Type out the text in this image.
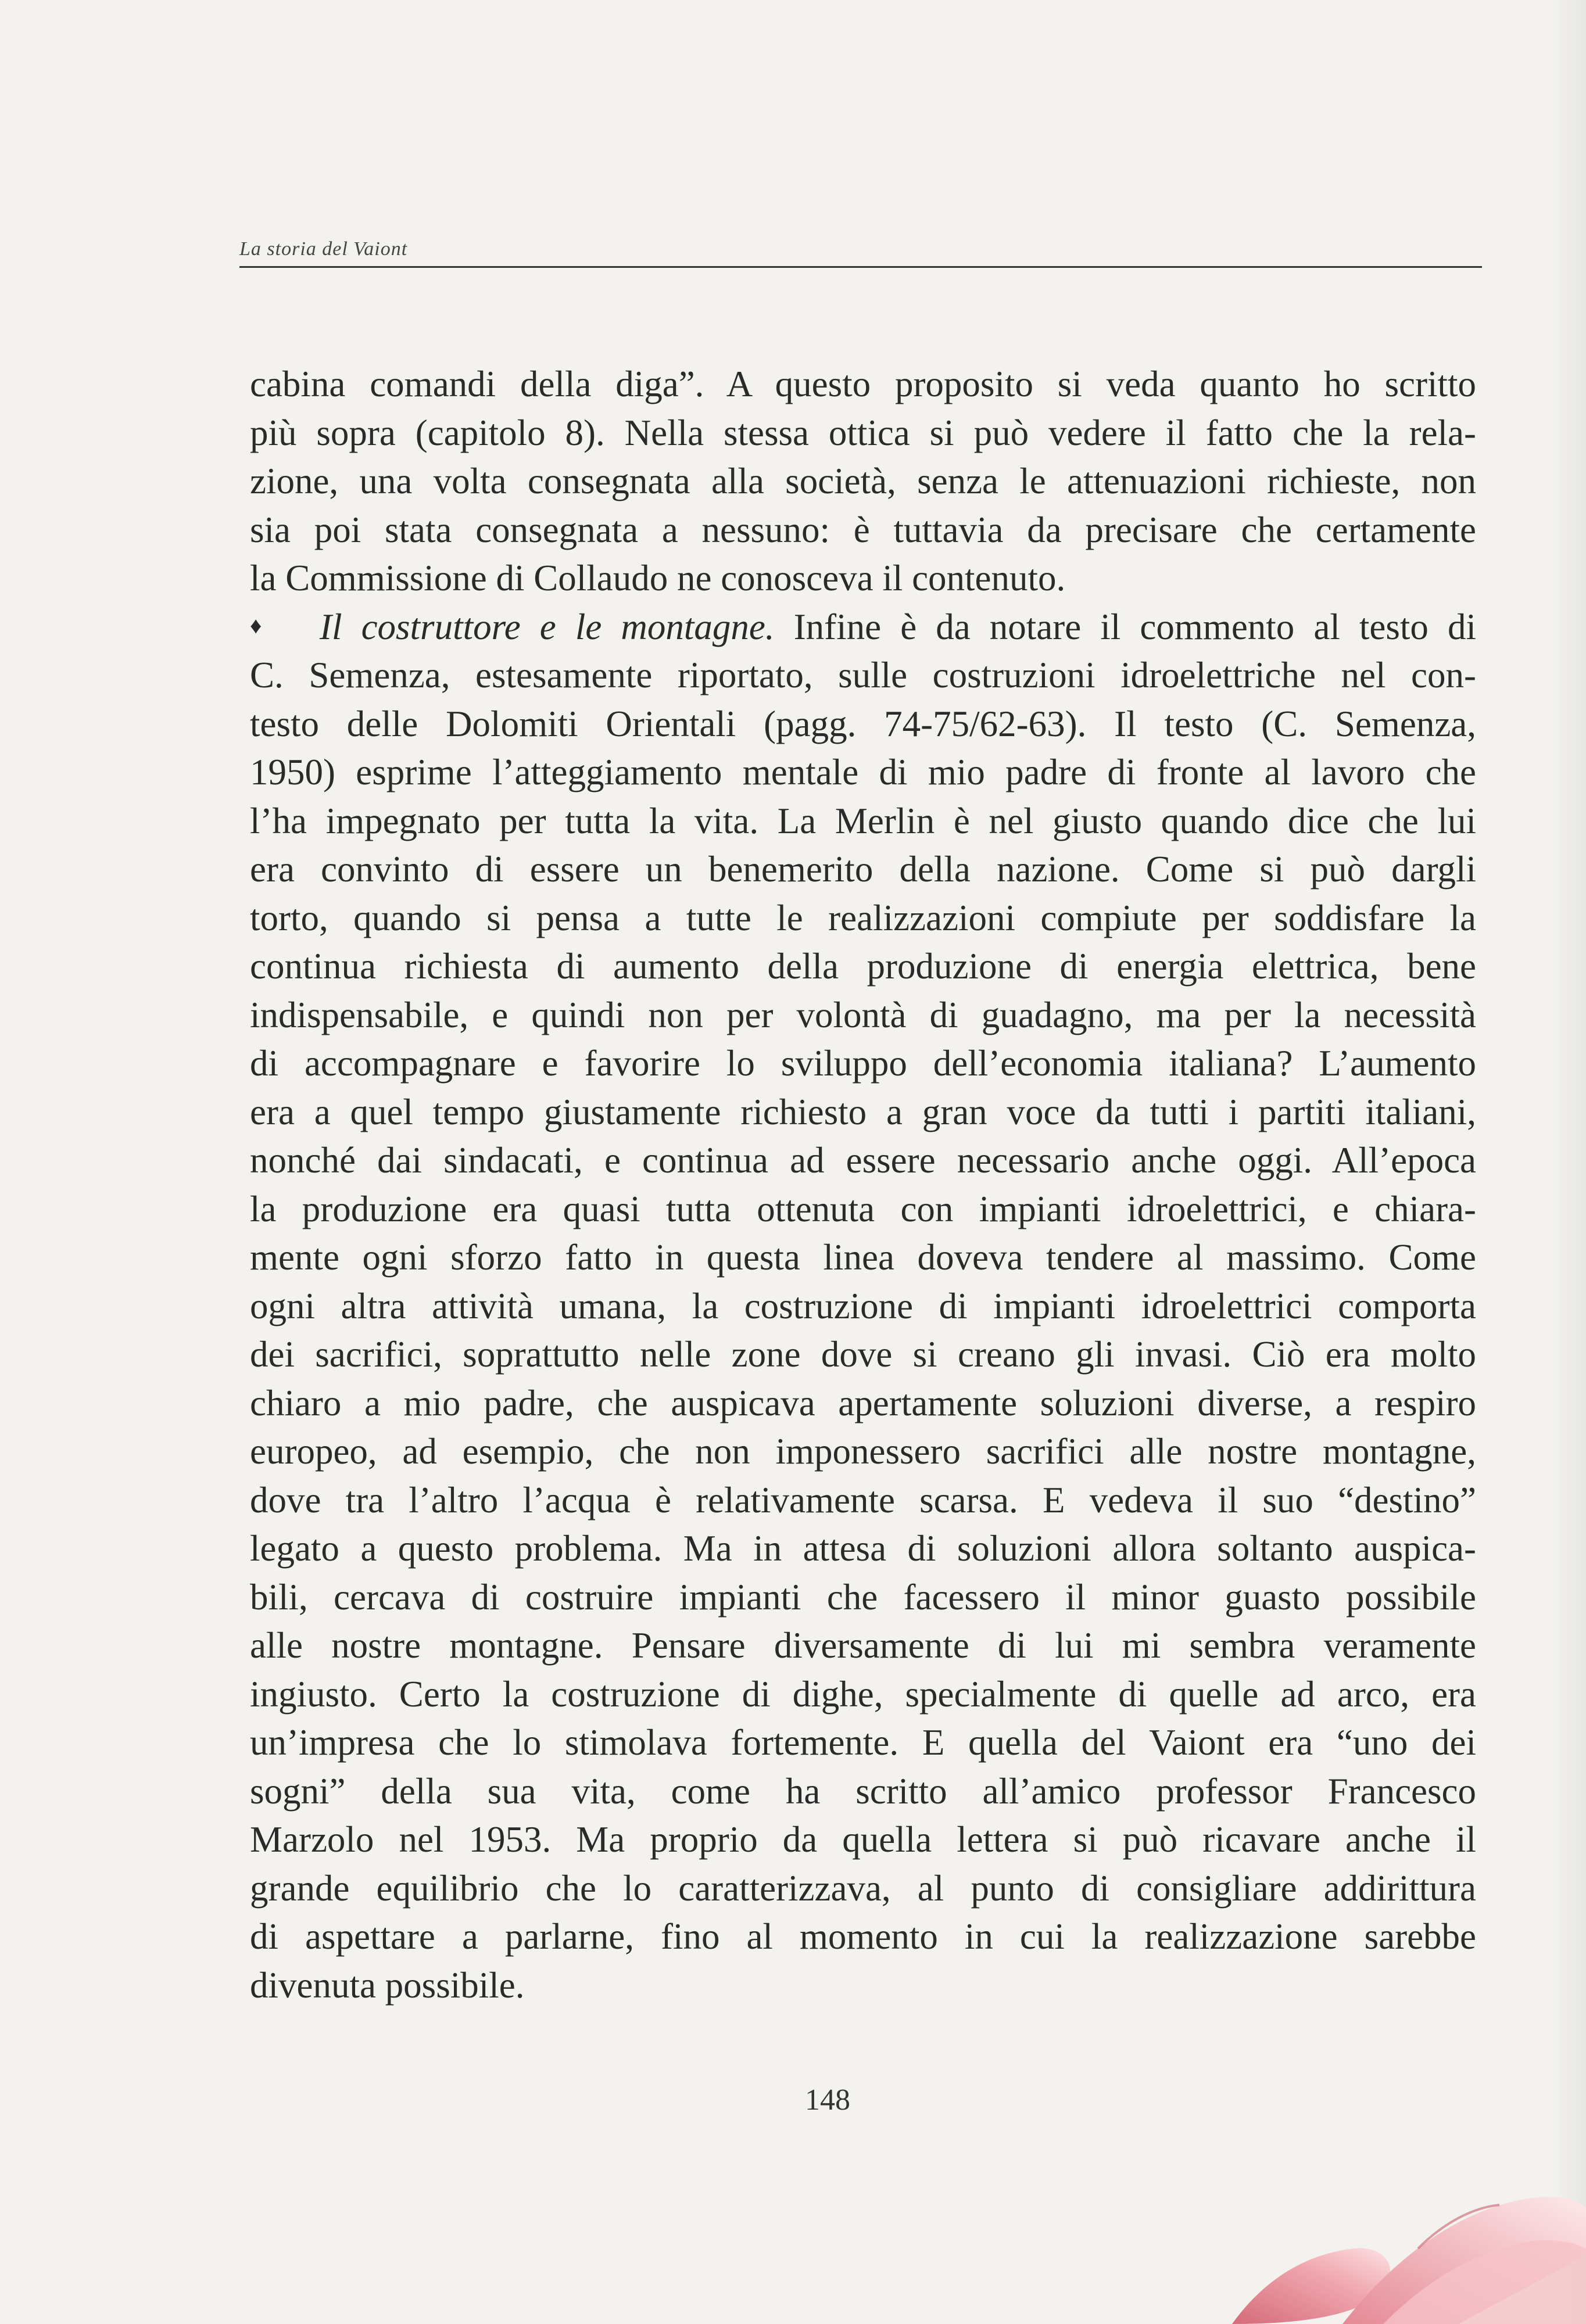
La storia del Vaiont
cabina comandi della diga”. A questo proposito si veda quanto ho scritto
più sopra (capitolo 8). Nella stessa ottica si può vedere il fatto che la rela-
zione, una volta consegnata alla società, senza le attenuazioni richieste, non
sia poi stata consegnata a nessuno: è tuttavia da precisare che certamente
la Commissione di Collaudo ne conosceva il contenuto.
♦ Il costruttore e le montagne. Infine è da notare il commento al testo di
C. Semenza, estesamente riportato, sulle costruzioni idroelettriche nel con-
testo delle Dolomiti Orientali (pagg. 74-75/62-63). Il testo (C. Semenza,
1950) esprime l’atteggiamento mentale di mio padre di fronte al lavoro che
l’ha impegnato per tutta la vita. La Merlin è nel giusto quando dice che lui
era convinto di essere un benemerito della nazione. Come si può dargli
torto, quando si pensa a tutte le realizzazioni compiute per soddisfare la
continua richiesta di aumento della produzione di energia elettrica, bene
indispensabile, e quindi non per volontà di guadagno, ma per la necessità
di accompagnare e favorire lo sviluppo dell’economia italiana? L’aumento
era a quel tempo giustamente richiesto a gran voce da tutti i partiti italiani,
nonché dai sindacati, e continua ad essere necessario anche oggi. All’epoca
la produzione era quasi tutta ottenuta con impianti idroelettrici, e chiara-
mente ogni sforzo fatto in questa linea doveva tendere al massimo. Come
ogni altra attività umana, la costruzione di impianti idroelettrici comporta
dei sacrifici, soprattutto nelle zone dove si creano gli invasi. Ciò era molto
chiaro a mio padre, che auspicava apertamente soluzioni diverse, a respiro
europeo, ad esempio, che non imponessero sacrifici alle nostre montagne,
dove tra l’altro l’acqua è relativamente scarsa. E vedeva il suo “destino”
legato a questo problema. Ma in attesa di soluzioni allora soltanto auspica-
bili, cercava di costruire impianti che facessero il minor guasto possibile
alle nostre montagne. Pensare diversamente di lui mi sembra veramente
ingiusto. Certo la costruzione di dighe, specialmente di quelle ad arco, era
un’impresa che lo stimolava fortemente. E quella del Vaiont era “uno dei
sogni” della sua vita, come ha scritto all’amico professor Francesco
Marzolo nel 1953. Ma proprio da quella lettera si può ricavare anche il
grande equilibrio che lo caratterizzava, al punto di consigliare addirittura
di aspettare a parlarne, fino al momento in cui la realizzazione sarebbe
divenuta possibile.
148
